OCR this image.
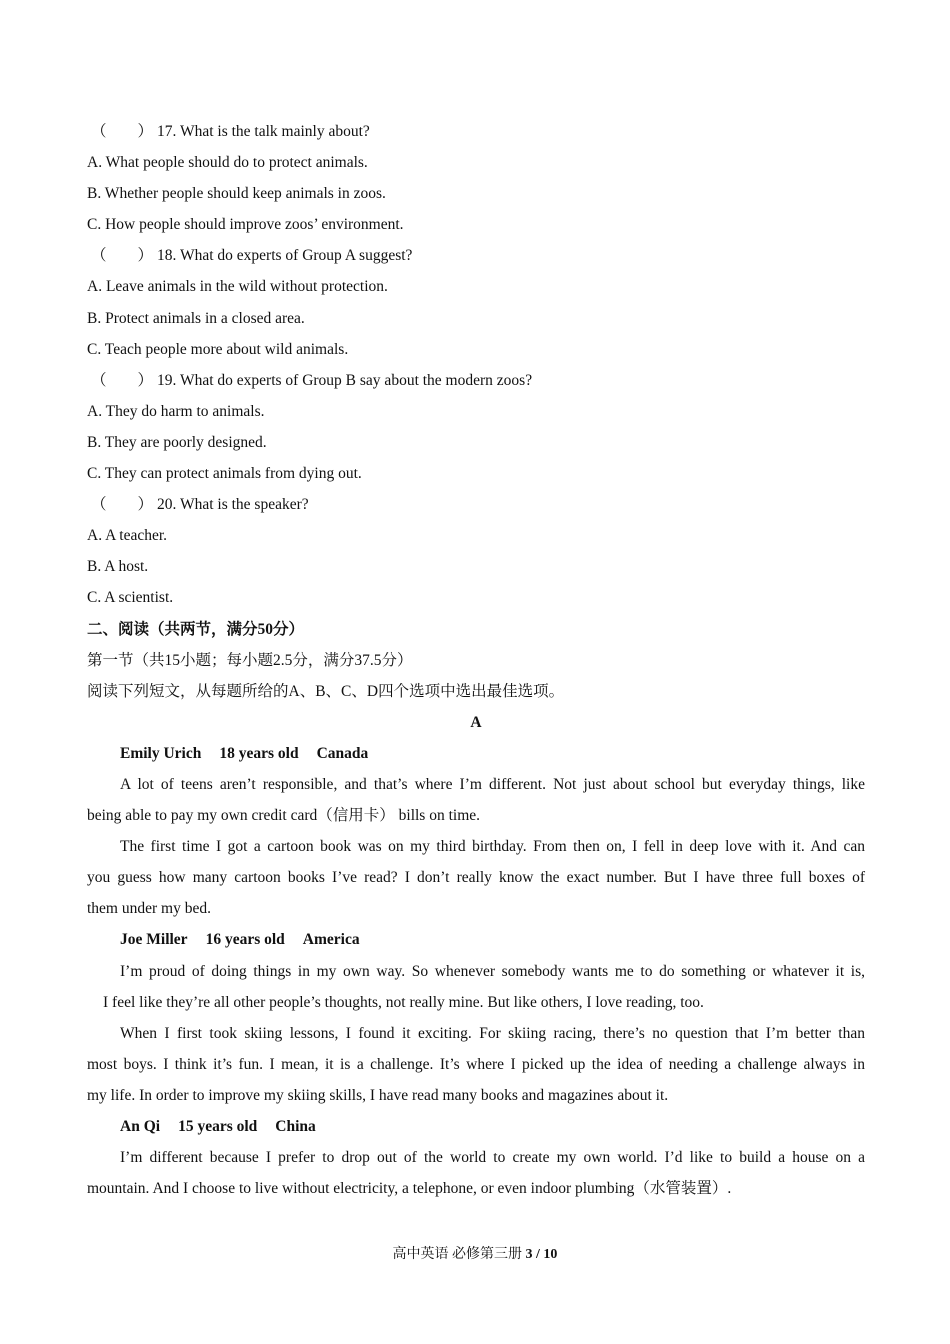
（　　） 17. What is the talk mainly about?
A. What people should do to protect animals.
B. Whether people should keep animals in zoos.
C. How people should improve zoos’ environment.
（　　） 18. What do experts of Group A suggest?
A. Leave animals in the wild without protection.
B. Protect animals in a closed area.
C. Teach people more about wild animals.
（　　） 19. What do experts of Group B say about the modern zoos?
A. They do harm to animals.
B. They are poorly designed.
C. They can protect animals from dying out.
（　　） 20. What is the speaker?
A. A teacher.
B. A host.
C. A scientist.
二、阅读（共两节，满分50分）
第一节（共15小题；每小题2.5分，满分37.5分）
阅读下列短文，从每题所给的A、B、C、D四个选项中选出最佳选项。
A
Emily Urich 18 years old Canada
A lot of teens aren’t responsible, and that’s where I’m different. Not just about school but everyday things, like
being able to pay my own credit card（信用卡） bills on time.
The first time I got a cartoon book was on my third birthday. From then on, I fell in deep love with it. And can
you guess how many cartoon books I’ve read? I don’t really know the exact number. But I have three full boxes of
them under my bed.
Joe Miller 16 years old America
I’m proud of doing things in my own way. So whenever somebody wants me to do something or whatever it is,
I feel like they’re all other people’s thoughts, not really mine. But like others, I love reading, too.
When I first took skiing lessons, I found it exciting. For skiing racing, there’s no question that I’m better than
most boys. I think it’s fun. I mean, it is a challenge. It’s where I picked up the idea of needing a challenge always in
my life. In order to improve my skiing skills, I have read many books and magazines about it.
An Qi 15 years old China
I’m different because I prefer to drop out of the world to create my own world. I’d like to build a house on a
mountain. And I choose to live without electricity, a telephone, or even indoor plumbing（水管装置）.
高中英语 必修第三册 3 / 10
